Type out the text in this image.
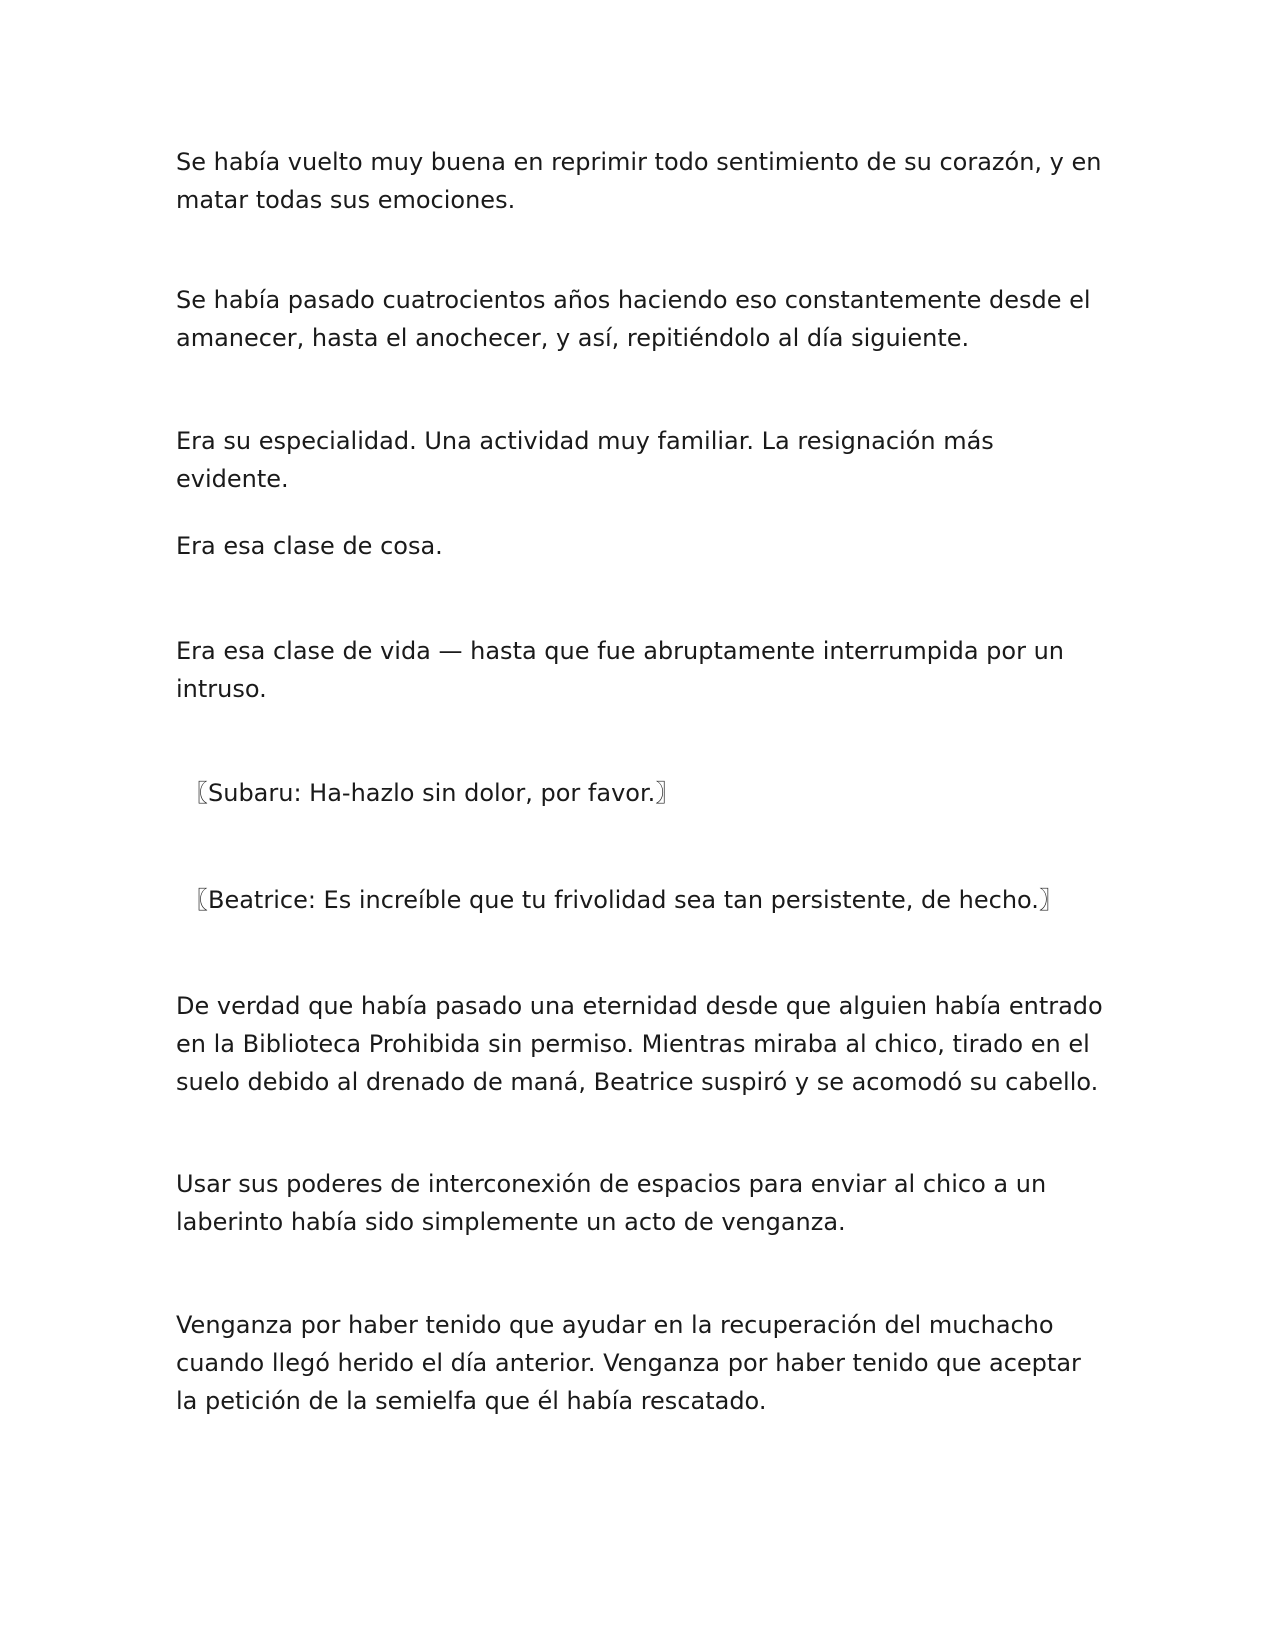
Se había vuelto muy buena en reprimir todo sentimiento de su corazón, y en matar todas sus emociones.

Se había pasado cuatrocientos años haciendo eso constantemente desde el amanecer, hasta el anochecer, y así, repitiéndolo al día siguiente.

Era su especialidad. Una actividad muy familiar. La resignación más evidente.

Era esa clase de cosa.

Era esa clase de vida — hasta que fue abruptamente interrumpida por un intruso.

〖Subaru: Ha-hazlo sin dolor, por favor.〗

〖Beatrice: Es increíble que tu frivolidad sea tan persistente, de hecho.〗

De verdad que había pasado una eternidad desde que alguien había entrado en la Biblioteca Prohibida sin permiso. Mientras miraba al chico, tirado en el suelo debido al drenado de maná, Beatrice suspiró y se acomodó su cabello.

Usar sus poderes de interconexión de espacios para enviar al chico a un laberinto había sido simplemente un acto de venganza.

Venganza por haber tenido que ayudar en la recuperación del muchacho cuando llegó herido el día anterior. Venganza por haber tenido que aceptar la petición de la semielfa que él había rescatado.
